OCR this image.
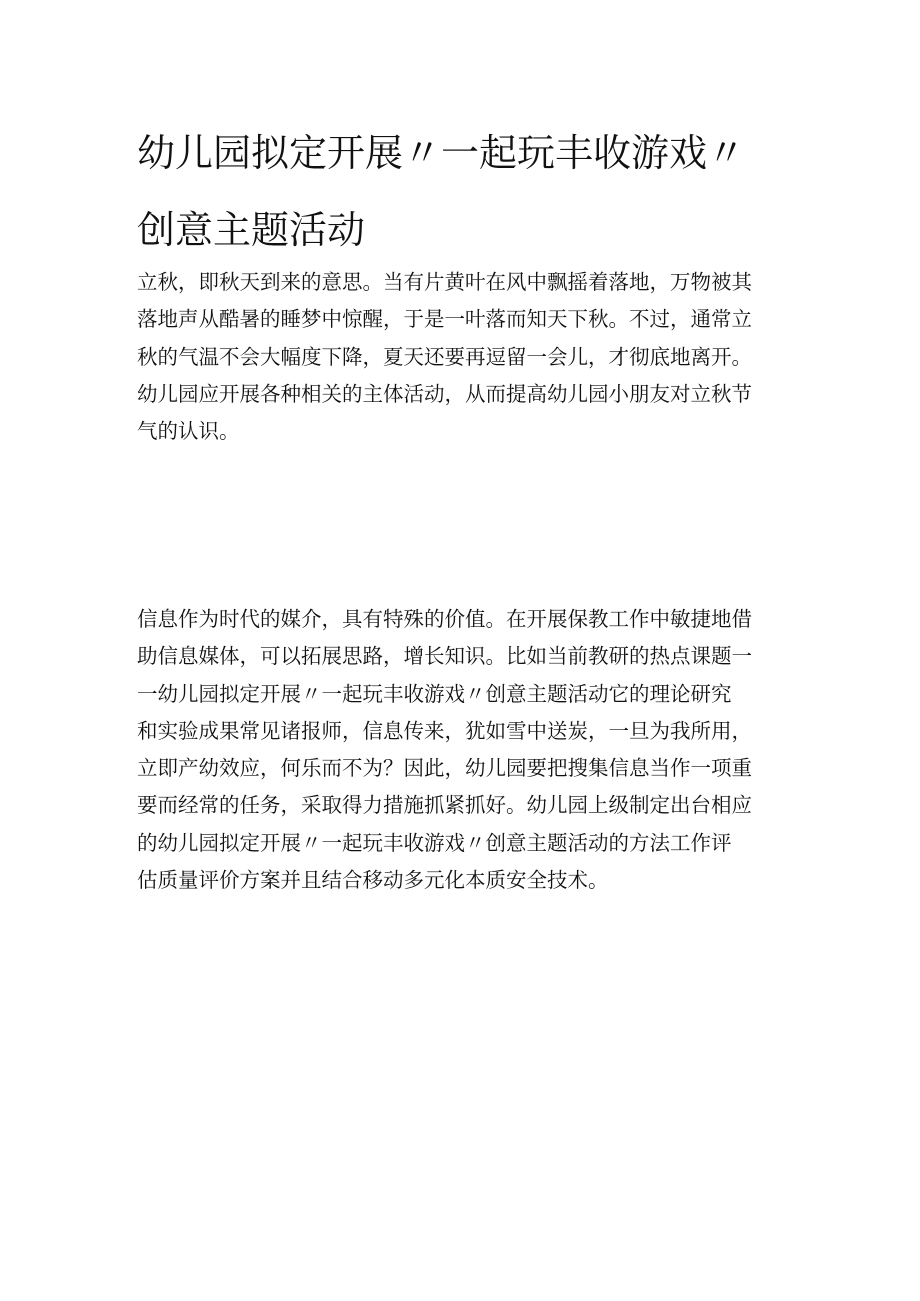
幼儿园拟定开展〃一起玩丰收游戏〃
创意主题活动
立秋，即秋天到来的意思。当有片黄叶在风中飘摇着落地，万物被其
落地声从酷暑的睡梦中惊醒，于是一叶落而知天下秋。不过，通常立
秋的气温不会大幅度下降，夏天还要再逗留一会儿，才彻底地离开。
幼儿园应开展各种相关的主体活动，从而提高幼儿园小朋友对立秋节
气的认识。
信息作为时代的媒介，具有特殊的价值。在开展保教工作中敏捷地借
助信息媒体，可以拓展思路，增长知识。比如当前教研的热点课题一
一幼儿园拟定开展〃一起玩丰收游戏〃创意主题活动它的理论研究
和实验成果常见诸报师，信息传来，犹如雪中送炭，一旦为我所用，
立即产幼效应，何乐而不为？因此，幼儿园要把搜集信息当作一项重
要而经常的任务，采取得力措施抓紧抓好。幼儿园上级制定出台相应
的幼儿园拟定开展〃一起玩丰收游戏〃创意主题活动的方法工作评
估质量评价方案并且结合移动多元化本质安全技术。
